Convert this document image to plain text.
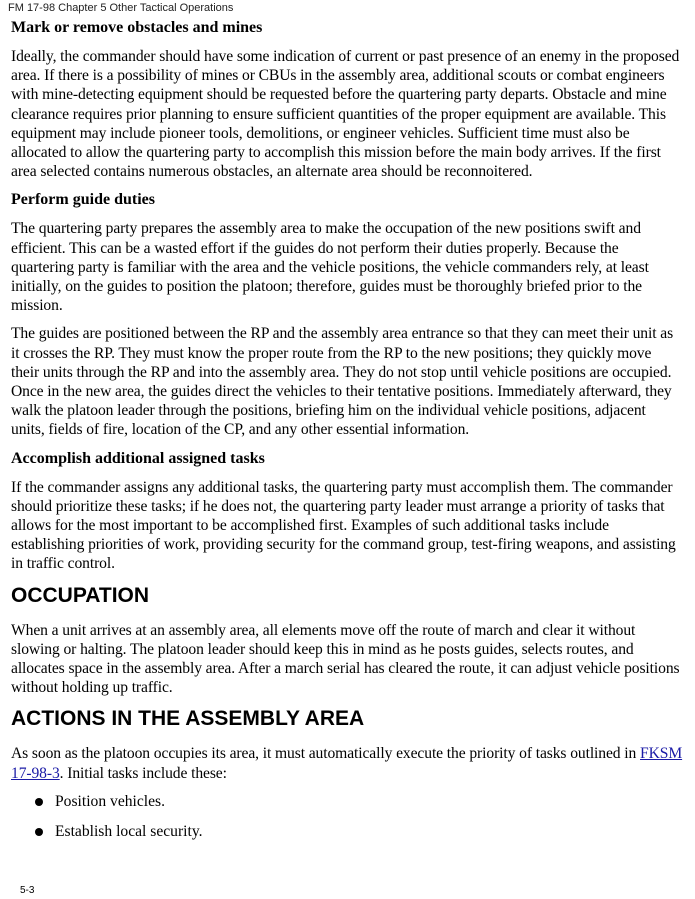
FM 17-98 Chapter 5 Other Tactical Operations
Mark or remove obstacles and mines

Ideally, the commander should have some indication of current or past presence of an enemy in the proposed area. If there is a possibility of mines or CBUs in the assembly area, additional scouts or combat engineers with mine-detecting equipment should be requested before the quartering party departs. Obstacle and mine clearance requires prior planning to ensure sufficient quantities of the proper equipment are available. This equipment may include pioneer tools, demolitions, or engineer vehicles. Sufficient time must also be allocated to allow the quartering party to accomplish this mission before the main body arrives. If the first area selected contains numerous obstacles, an alternate area should be reconnoitered.

Perform guide duties

The quartering party prepares the assembly area to make the occupation of the new positions swift and efficient. This can be a wasted effort if the guides do not perform their duties properly. Because the quartering party is familiar with the area and the vehicle positions, the vehicle commanders rely, at least initially, on the guides to position the platoon; therefore, guides must be thoroughly briefed prior to the mission.

The guides are positioned between the RP and the assembly area entrance so that they can meet their unit as it crosses the RP. They must know the proper route from the RP to the new positions; they quickly move their units through the RP and into the assembly area. They do not stop until vehicle positions are occupied. Once in the new area, the guides direct the vehicles to their tentative positions. Immediately afterward, they walk the platoon leader through the positions, briefing him on the individual vehicle positions, adjacent units, fields of fire, location of the CP, and any other essential information.

Accomplish additional assigned tasks

If the commander assigns any additional tasks, the quartering party must accomplish them. The commander should prioritize these tasks; if he does not, the quartering party leader must arrange a priority of tasks that allows for the most important to be accomplished first. Examples of such additional tasks include establishing priorities of work, providing security for the command group, test-firing weapons, and assisting in traffic control.

OCCUPATION

When a unit arrives at an assembly area, all elements move off the route of march and clear it without slowing or halting. The platoon leader should keep this in mind as he posts guides, selects routes, and allocates space in the assembly area. After a march serial has cleared the route, it can adjust vehicle positions without holding up traffic.

ACTIONS IN THE ASSEMBLY AREA

As soon as the platoon occupies its area, it must automatically execute the priority of tasks outlined in FKSM 17-98-3. Initial tasks include these:

Position vehicles.
Establish local security.
5-3
